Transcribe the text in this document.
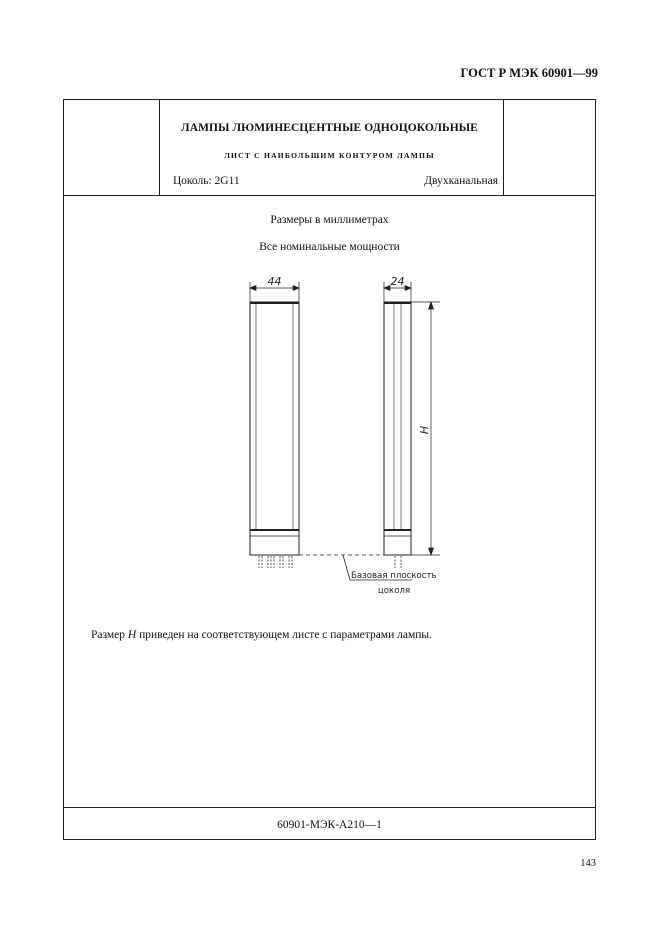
ГОСТ Р МЭК 60901—99
ЛАМПЫ ЛЮМИНЕСЦЕНТНЫЕ ОДНОЦОКОЛЬНЫЕ
ЛИСТ С НАИБОЛЬШИМ КОНТУРОМ ЛАМПЫ
Цоколь: 2G11	Двухканальная
Размеры в миллиметрах
Все номинальные мощности
Размер H приведен на соответствующем листе с параметрами лампы.
60901-МЭК-А210—1
44	24
H
Базовая плоскость
цоколя
143
